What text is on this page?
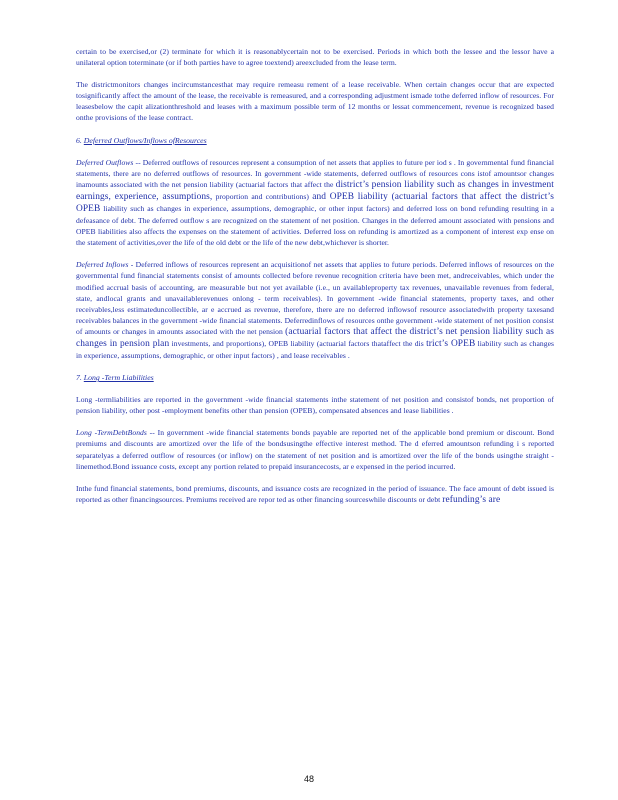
certain to be exercised,or (2) terminate for which it is reasonablycertain not to be exercised. Periods in which both the lessee and the lessor have a unilateral option toterminate (or if both parties have to agree toextend) areexcluded from the lease term.

The districtmonitors changes incircumstancesthat may require remeasu rement of a lease receivable. When certain changes occur that are expected tosignificantly affect the amount of the lease, the receivable is remeasured, and a corresponding adjustment ismade tothe deferred inflow of resources. For leasesbelow the capit alizationthreshold and leases with a maximum possible term of 12 months or lessat commencement, revenue is recognized based onthe provisions of the lease contract.

6. Deferred Outflows/Inflows ofResources

Deferred Outflows -- Deferred outflows of resources represent a consumption of net assets that applies to future per iod s . In governmental fund financial statements, there are no deferred outflows of resources. In government -wide statements, deferred outflows of resources cons istof amountsor changes inamounts associated with the net pension liability (actuarial factors that affect the district’s pension liability such as changes in investment earnings, experience, assumptions, proportion and contributions) and OPEB liability (actuarial factors that affect the district’s OPEB liability such as changes in experience, assumptions, demographic, or other input factors) and deferred loss on bond refunding resulting in a defeasance of debt. The deferred outflow s are recognized on the statement of net position. Changes in the deferred amount associated with pensions and OPEB liabilities also affects the expenses on the statement of activities. Deferred loss on refunding is amortized as a component of interest exp ense on the statement of activities,over the life of the old debt or the life of the new debt,whichever is shorter.

Deferred Inflows - Deferred inflows of resources represent an acquisitionof net assets that applies to future periods. Deferred inflows of resources on the governmental fund financial statements consist of amounts collected before revenue recognition criteria have been met, andreceivables, which under the modified accrual basis of accounting, are measurable but not yet available (i.e., un availableproperty tax revenues, unavailable revenues from federal, state, andlocal grants and unavailablerevenues onlong - term receivables). In government -wide financial statements, property taxes, and other receivables,less estimateduncollectible, ar e accrued as revenue, therefore, there are no deferred inflowsof resource associatedwith property taxesand receivables balances in the government -wide financial statements. Deferredinflows of resources onthe government -wide statement of net position consist of amounts or changes in amounts associated with the net pension (actuarial factors that affect the district’s net pension liability such as changes in pension plan investments, and proportions), OPEB liability (actuarial factors thataffect the dis trict’s OPEB liability such as changes in experience, assumptions, demographic, or other input factors) , and lease receivables .

7. Long -Term Liabilities

Long -termliabilities are reported in the government -wide financial statements inthe statement of net position and consistof bonds, net proportion of pension liability, other post -employment benefits other than pension (OPEB), compensated absences and lease liabilities .

Long -TermDebtBonds -- In government -wide financial statements bonds payable are reported net of the applicable bond premium or discount. Bond premiums and discounts are amortized over the life of the bondsusingthe effective interest method. The d eferred amountson refunding i s reported separatelyas a deferred outflow of resources (or inflow) on the statement of net position and is amortized over the life of the bonds usingthe straight -linemethod.Bond issuance costs, except any portion related to prepaid insurancecosts, ar e expensed in the period incurred.

Inthe fund financial statements, bond premiums, discounts, and issuance costs are recognized in the period of issuance. The face amount of debt issued is reported as other financingsources. Premiums received are repor ted as other financing sourceswhile discounts or debt refunding’s are

48
